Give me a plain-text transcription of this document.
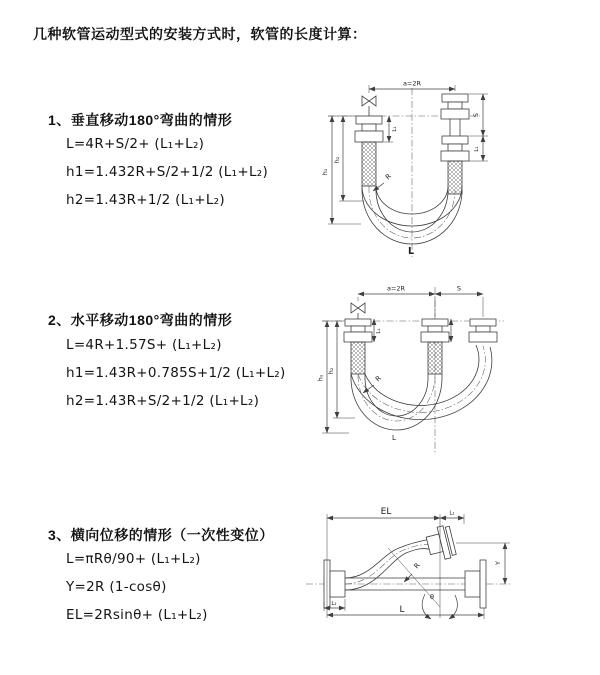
几种软管运动型式的安装方式时，软管的长度计算：
1、垂直移动180°弯曲的情形
L=4R+S/2+ (L₁+L₂)
h1=1.432R+S/2+1/2 (L₁+L₂)
h2=1.43R+1/2 (L₁+L₂)
a=2R
S
L₁
L₁
h₁
h₂
R
L
2、水平移动180°弯曲的情形
L=4R+1.57S+ (L₁+L₂)
h1=1.43R+0.785S+1/2 (L₁+L₂)
h2=1.43R+S/2+1/2 (L₁+L₂)
a=2R	S
h₁
h₂
L₁
R
L
3、横向位移的情形（一次性变位）
L=πRθ/90+ (L₁+L₂)
Y=2R (1-cosθ)
EL=2Rsinθ+ (L₁+L₂)
θ
EL	L₁
Y
L
L₁
R
